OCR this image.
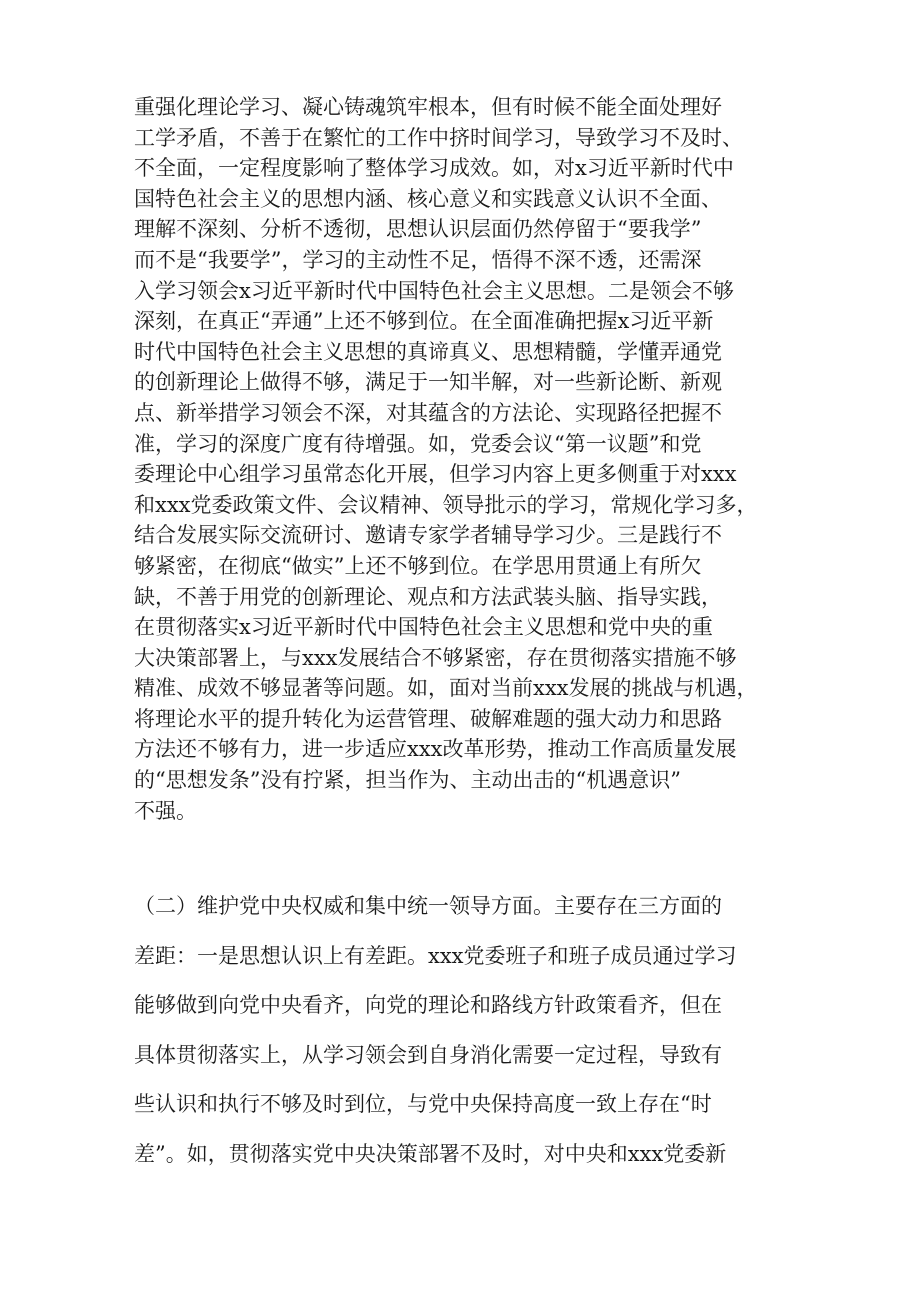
重强化理论学习、凝心铸魂筑牢根本，但有时候不能全面处理好
工学矛盾，不善于在繁忙的工作中挤时间学习，导致学习不及时、
不全面，一定程度影响了整体学习成效。如，对x习近平新时代中
国特色社会主义的思想内涵、核心意义和实践意义认识不全面、
理解不深刻、分析不透彻，思想认识层面仍然停留于“要我学”
而不是“我要学”，学习的主动性不足，悟得不深不透，还需深
入学习领会x习近平新时代中国特色社会主义思想。二是领会不够
深刻，在真正“弄通”上还不够到位。在全面准确把握x习近平新
时代中国特色社会主义思想的真谛真义、思想精髓，学懂弄通党
的创新理论上做得不够，满足于一知半解，对一些新论断、新观
点、新举措学习领会不深，对其蕴含的方法论、实现路径把握不
准，学习的深度广度有待增强。如，党委会议“第一议题”和党
委理论中心组学习虽常态化开展，但学习内容上更多侧重于对xxx
和xxx党委政策文件、会议精神、领导批示的学习，常规化学习多，
结合发展实际交流研讨、邀请专家学者辅导学习少。三是践行不
够紧密，在彻底“做实”上还不够到位。在学思用贯通上有所欠
缺，不善于用党的创新理论、观点和方法武装头脑、指导实践，
在贯彻落实x习近平新时代中国特色社会主义思想和党中央的重
大决策部署上，与xxx发展结合不够紧密，存在贯彻落实措施不够
精准、成效不够显著等问题。如，面对当前xxx发展的挑战与机遇，
将理论水平的提升转化为运营管理、破解难题的强大动力和思路
方法还不够有力，进一步适应xxx改革形势，推动工作高质量发展
的“思想发条”没有拧紧，担当作为、主动出击的“机遇意识”
不强。
（二）维护党中央权威和集中统一领导方面。主要存在三方面的
差距：一是思想认识上有差距。xxx党委班子和班子成员通过学习
能够做到向党中央看齐，向党的理论和路线方针政策看齐，但在
具体贯彻落实上，从学习领会到自身消化需要一定过程，导致有
些认识和执行不够及时到位，与党中央保持高度一致上存在“时
差”。如，贯彻落实党中央决策部署不及时，对中央和xxx党委新
